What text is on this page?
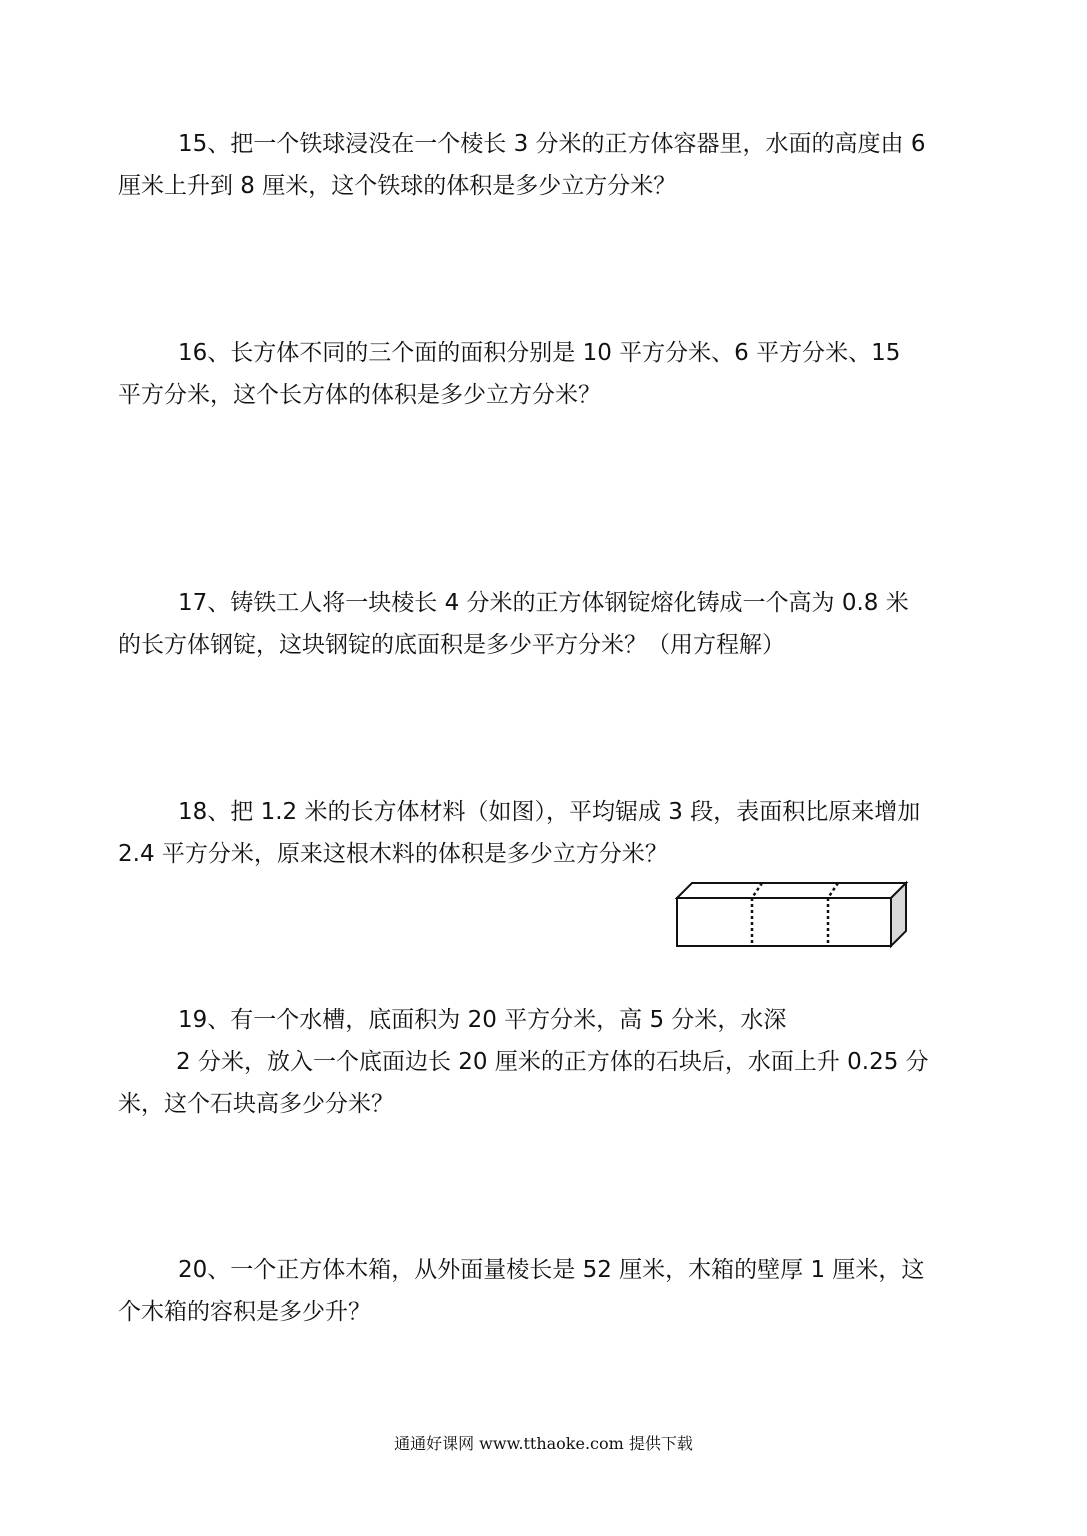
15、把一个铁球浸没在一个棱长 3 分米的正方体容器里，水面的高度由 6
厘米上升到 8 厘米，这个铁球的体积是多少立方分米？
16、长方体不同的三个面的面积分别是 10 平方分米、6 平方分米、15
平方分米，这个长方体的体积是多少立方分米？
17、铸铁工人将一块棱长 4 分米的正方体钢锭熔化铸成一个高为 0.8 米
的长方体钢锭，这块钢锭的底面积是多少平方分米？（用方程解）
18、把 1.2 米的长方体材料（如图），平均锯成 3 段，表面积比原来增加
2.4 平方分米，原来这根木料的体积是多少立方分米？
19、有一个水槽，底面积为 20 平方分米，高 5 分米，水深
2 分米，放入一个底面边长 20 厘米的正方体的石块后，水面上升 0.25 分
米，这个石块高多少分米？
20、一个正方体木箱，从外面量棱长是 52 厘米，木箱的壁厚 1 厘米，这
个木箱的容积是多少升？
通通好课网 www.tthaoke.com 提供下载
